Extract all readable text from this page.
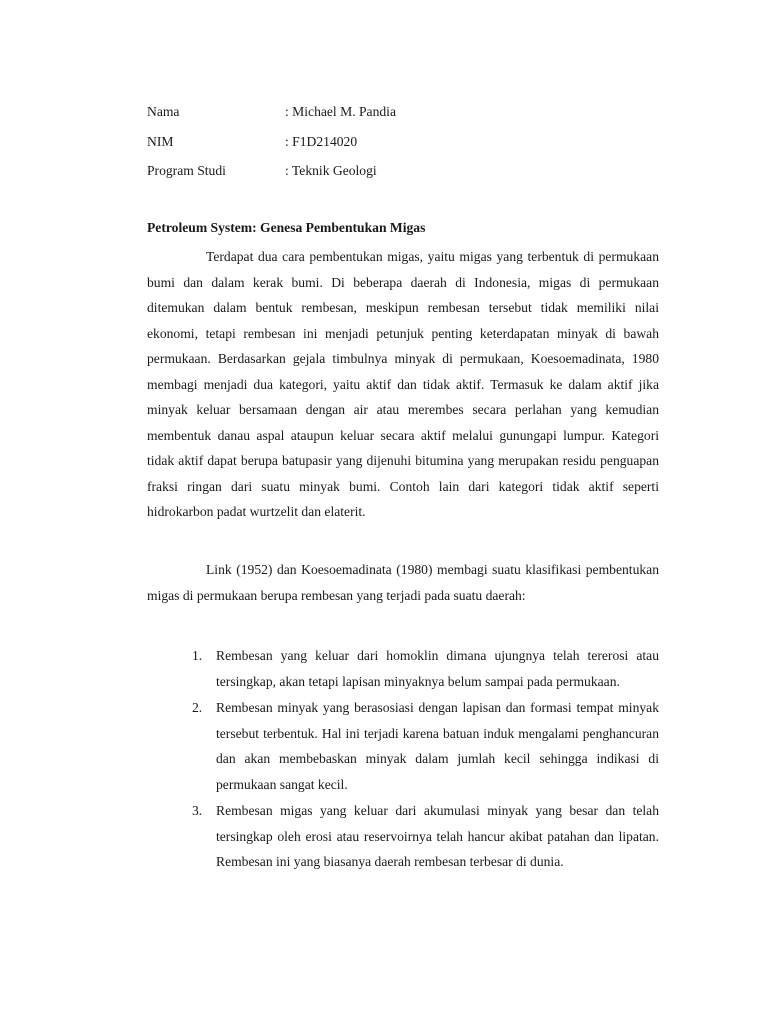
Nama	: Michael M. Pandia
NIM	: F1D214020
Program Studi	: Teknik Geologi
Petroleum System: Genesa Pembentukan Migas

Terdapat dua cara pembentukan migas, yaitu migas yang terbentuk di permukaan bumi dan dalam kerak bumi. Di beberapa daerah di Indonesia, migas di permukaan ditemukan dalam bentuk rembesan, meskipun rembesan tersebut tidak memiliki nilai ekonomi, tetapi rembesan ini menjadi petunjuk penting keterdapatan minyak di bawah permukaan. Berdasarkan gejala timbulnya minyak di permukaan, Koesoemadinata, 1980 membagi menjadi dua kategori, yaitu aktif dan tidak aktif. Termasuk ke dalam aktif jika minyak keluar bersamaan dengan air atau merembes secara perlahan yang kemudian membentuk danau aspal ataupun keluar secara aktif melalui gunungapi lumpur. Kategori tidak aktif dapat berupa batupasir yang dijenuhi bitumina yang merupakan residu penguapan fraksi ringan dari suatu minyak bumi. Contoh lain dari kategori tidak aktif seperti hidrokarbon padat wurtzelit dan elaterit.

Link (1952) dan Koesoemadinata (1980) membagi suatu klasifikasi pembentukan migas di permukaan berupa rembesan yang terjadi pada suatu daerah:

1.	Rembesan yang keluar dari homoklin dimana ujungnya telah tererosi atau tersingkap, akan tetapi lapisan minyaknya belum sampai pada permukaan.
2.	Rembesan minyak yang berasosiasi dengan lapisan dan formasi tempat minyak tersebut terbentuk. Hal ini terjadi karena batuan induk mengalami penghancuran dan akan membebaskan minyak dalam jumlah kecil sehingga indikasi di permukaan sangat kecil.
3.	Rembesan migas yang keluar dari akumulasi minyak yang besar dan telah tersingkap oleh erosi atau reservoirnya telah hancur akibat patahan dan lipatan. Rembesan ini yang biasanya daerah rembesan terbesar di dunia.
